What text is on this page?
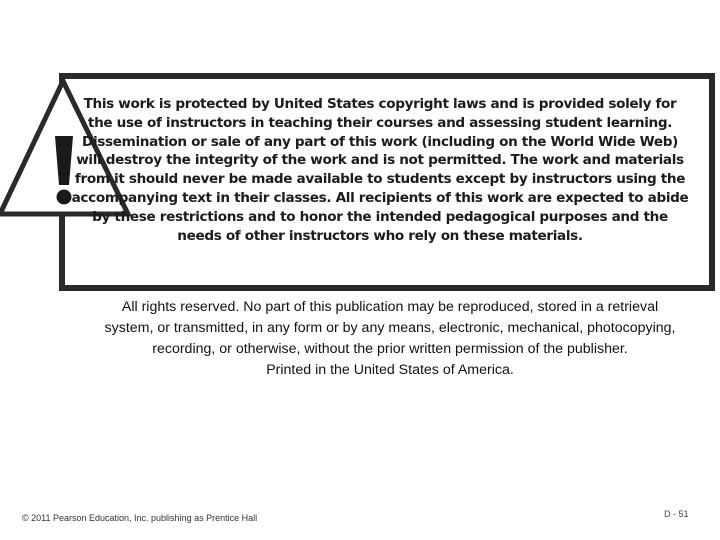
This work is protected by United States copyright laws and is provided solely for the use of instructors in teaching their courses and assessing student learning. Dissemination or sale of any part of this work (including on the World Wide Web) will destroy the integrity of the work and is not permitted. The work and materials from it should never be made available to students except by instructors using the accompanying text in their classes. All recipients of this work are expected to abide by these restrictions and to honor the intended pedagogical purposes and the needs of other instructors who rely on these materials.
All rights reserved. No part of this publication may be reproduced, stored in a retrieval
system, or transmitted, in any form or by any means, electronic, mechanical, photocopying,
recording, or otherwise, without the prior written permission of the publisher.
Printed in the United States of America.
© 2011 Pearson Education, Inc. publishing as Prentice Hall	D - 51
